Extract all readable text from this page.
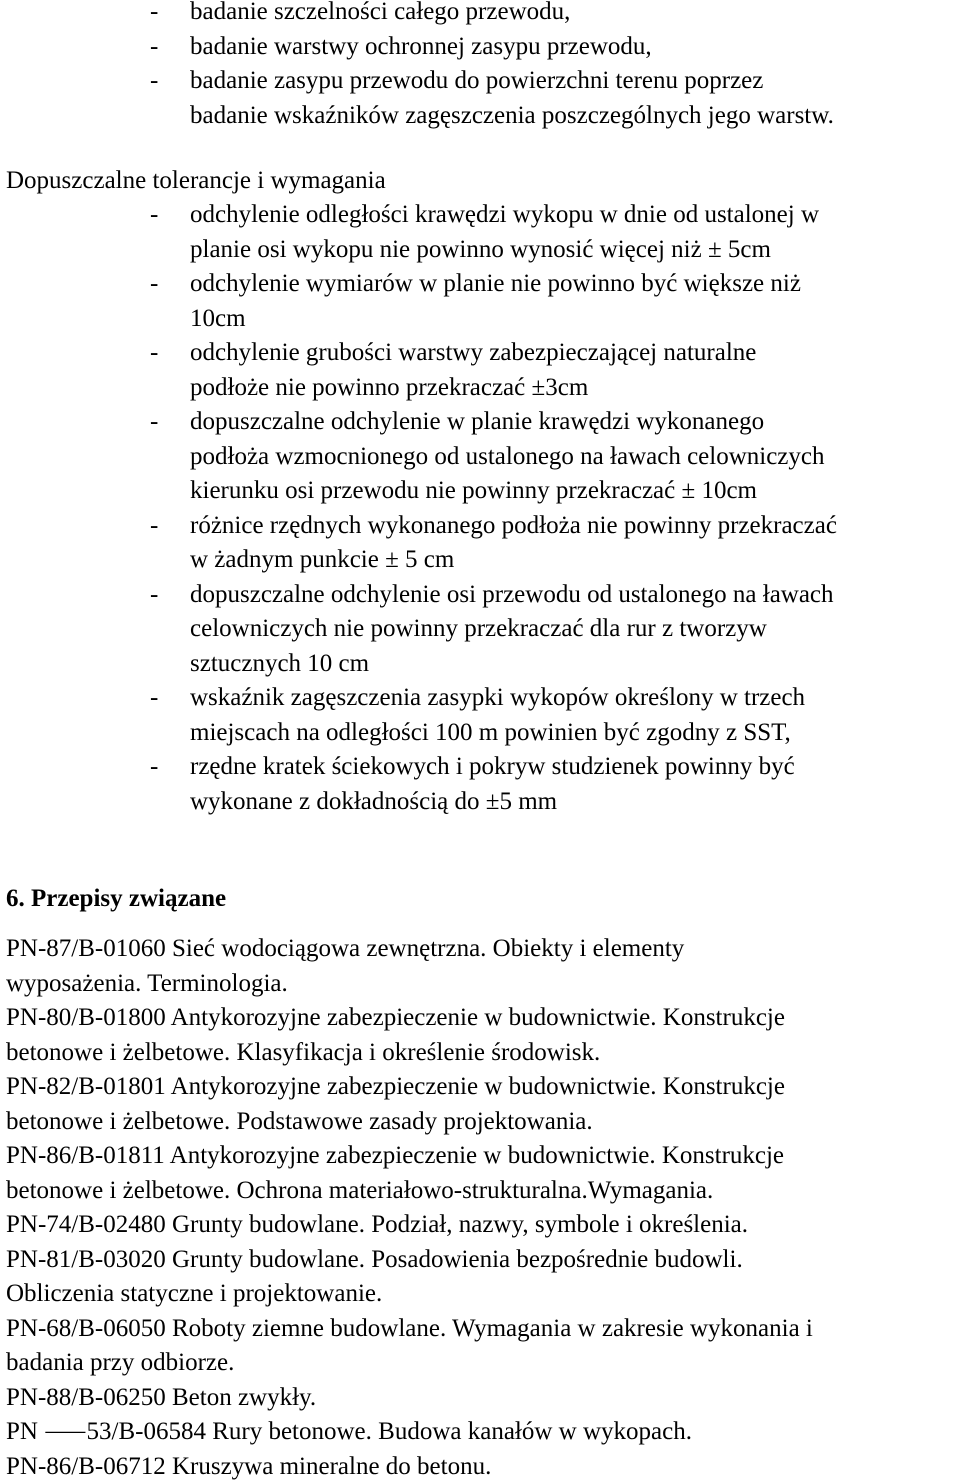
- badanie szczelności całego przewodu,
- badanie warstwy ochronnej zasypu przewodu,
- badanie zasypu przewodu do powierzchni terenu poprzez
badanie wskaźników zagęszczenia poszczególnych jego warstw.
Dopuszczalne tolerancje i wymagania
- odchylenie odległości krawędzi wykopu w dnie od ustalonej w
planie osi wykopu nie powinno wynosić więcej niż ± 5cm
- odchylenie wymiarów w planie nie powinno być większe niż
10cm
- odchylenie grubości warstwy zabezpieczającej naturalne
podłoże nie powinno przekraczać ±3cm
- dopuszczalne odchylenie w planie krawędzi wykonanego
podłoża wzmocnionego od ustalonego na ławach celowniczych
kierunku osi przewodu nie powinny przekraczać ± 10cm
- różnice rzędnych wykonanego podłoża nie powinny przekraczać
w żadnym punkcie ± 5 cm
- dopuszczalne odchylenie osi przewodu od ustalonego na ławach
celowniczych nie powinny przekraczać dla rur z tworzyw
sztucznych 10 cm
- wskaźnik zagęszczenia zasypki wykopów określony w trzech
miejscach na odległości 100 m powinien być zgodny z SST,
- rzędne kratek ściekowych i pokryw studzienek powinny być
wykonane z dokładnością do ±5 mm
6. Przepisy związane
PN-87/B-01060 Sieć wodociągowa zewnętrzna. Obiekty i elementy
wyposażenia. Terminologia.
PN-80/B-01800 Antykorozyjne zabezpieczenie w budownictwie. Konstrukcje
betonowe i żelbetowe. Klasyfikacja i określenie środowisk.
PN-82/B-01801 Antykorozyjne zabezpieczenie w budownictwie. Konstrukcje
betonowe i żelbetowe. Podstawowe zasady projektowania.
PN-86/B-01811 Antykorozyjne zabezpieczenie w budownictwie. Konstrukcje
betonowe i żelbetowe. Ochrona materiałowo-strukturalna.Wymagania.
PN-74/B-02480 Grunty budowlane. Podział, nazwy, symbole i określenia.
PN-81/B-03020 Grunty budowlane. Posadowienia bezpośrednie budowli.
Obliczenia statyczne i projektowanie.
PN-68/B-06050 Roboty ziemne budowlane. Wymagania w zakresie wykonania i
badania przy odbiorze.
PN-88/B-06250 Beton zwykły.
PN ⸺53/B-06584 Rury betonowe. Budowa kanałów w wykopach.
PN-86/B-06712 Kruszywa mineralne do betonu.
